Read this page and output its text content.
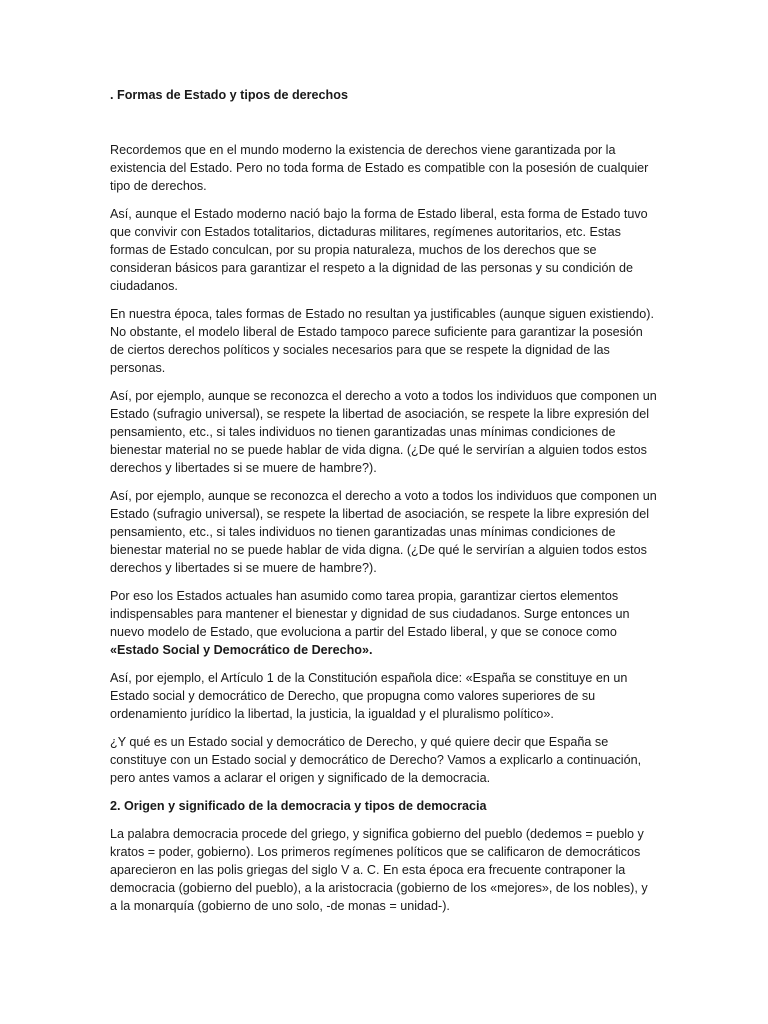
. Formas de Estado y tipos de derechos

Recordemos que en el mundo moderno la existencia de derechos viene garantizada por la existencia del Estado. Pero no toda forma de Estado es compatible con la posesión de cualquier tipo de derechos.

Así, aunque el Estado moderno nació bajo la forma de Estado liberal, esta forma de Estado tuvo que convivir con Estados totalitarios, dictaduras militares, regímenes autoritarios, etc. Estas formas de Estado conculcan, por su propia naturaleza, muchos de los derechos que se consideran básicos para garantizar el respeto a la dignidad de las personas y su condición de ciudadanos.

En nuestra época, tales formas de Estado no resultan ya justificables (aunque siguen existiendo). No obstante, el modelo liberal de Estado tampoco parece suficiente para garantizar la posesión de ciertos derechos políticos y sociales necesarios para que se respete la dignidad de las personas.

Así, por ejemplo, aunque se reconozca el derecho a voto a todos los individuos que componen un Estado (sufragio universal), se respete la libertad de asociación, se respete la libre expresión del pensamiento, etc., si tales individuos no tienen garantizadas unas mínimas condiciones de bienestar material no se puede hablar de vida digna. (¿De qué le servirían a alguien todos estos derechos y libertades si se muere de hambre?).

Así, por ejemplo, aunque se reconozca el derecho a voto a todos los individuos que componen un Estado (sufragio universal), se respete la libertad de asociación, se respete la libre expresión del pensamiento, etc., si tales individuos no tienen garantizadas unas mínimas condiciones de bienestar material no se puede hablar de vida digna. (¿De qué le servirían a alguien todos estos derechos y libertades si se muere de hambre?).

Por eso los Estados actuales han asumido como tarea propia, garantizar ciertos elementos indispensables para mantener el bienestar y dignidad de sus ciudadanos. Surge entonces un nuevo modelo de Estado, que evoluciona a partir del Estado liberal, y que se conoce como «Estado Social y Democrático de Derecho».

Así, por ejemplo, el Artículo 1 de la Constitución española dice: «España se constituye en un Estado social y democrático de Derecho, que propugna como valores superiores de su ordenamiento jurídico la libertad, la justicia, la igualdad y el pluralismo político».

¿Y qué es un Estado social y democrático de Derecho, y qué quiere decir que España se constituye con un Estado social y democrático de Derecho? Vamos a explicarlo a continuación, pero antes vamos a aclarar el origen y significado de la democracia.

2. Origen y significado de la democracia y tipos de democracia

La palabra democracia procede del griego, y significa gobierno del pueblo (dedemos = pueblo y kratos = poder, gobierno). Los primeros regímenes políticos que se calificaron de democráticos aparecieron en las polis griegas del siglo V a. C. En esta época era frecuente contraponer la democracia (gobierno del pueblo), a la aristocracia (gobierno de los «mejores», de los nobles), y a la monarquía (gobierno de uno solo, -de monas = unidad-).
